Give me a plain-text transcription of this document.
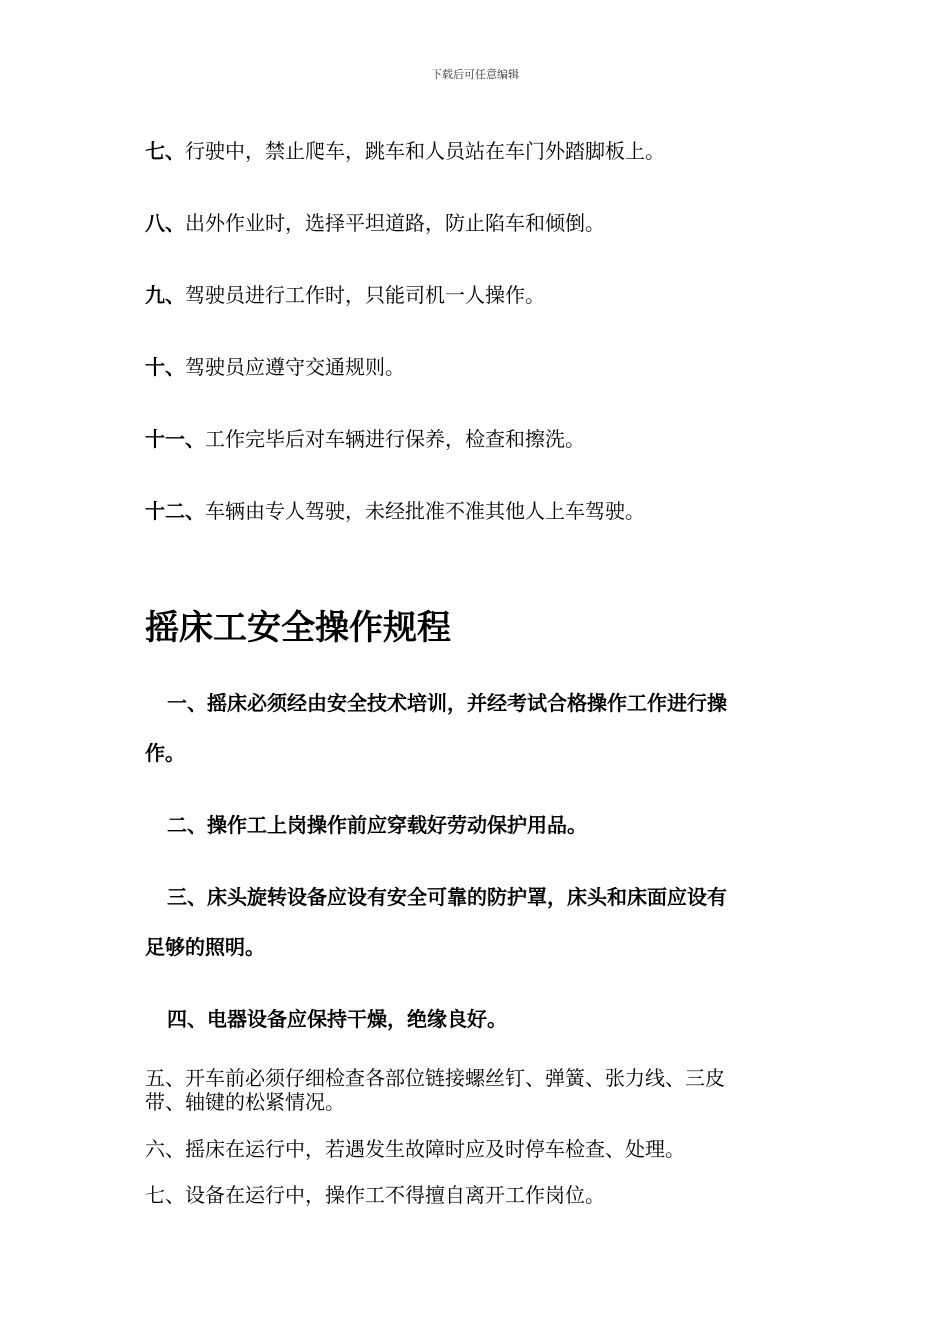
下载后可任意编辑
七、行驶中，禁止爬车，跳车和人员站在车门外踏脚板上。
八、出外作业时，选择平坦道路，防止陷车和倾倒。
九、驾驶员进行工作时，只能司机一人操作。
十、驾驶员应遵守交通规则。
十一、工作完毕后对车辆进行保养，检查和擦洗。
十二、车辆由专人驾驶，未经批准不准其他人上车驾驶。
摇床工安全操作规程
一、摇床必须经由安全技术培训，并经考试合格操作工作进行操
作。
二、操作工上岗操作前应穿载好劳动保护用品。
三、床头旋转设备应设有安全可靠的防护罩，床头和床面应设有
足够的照明。
四、电器设备应保持干燥，绝缘良好。
五、开车前必须仔细检查各部位链接螺丝钉、弹簧、张力线、三皮
带、轴键的松紧情况。
六、摇床在运行中，若遇发生故障时应及时停车检查、处理。
七、设备在运行中，操作工不得擅自离开工作岗位。
